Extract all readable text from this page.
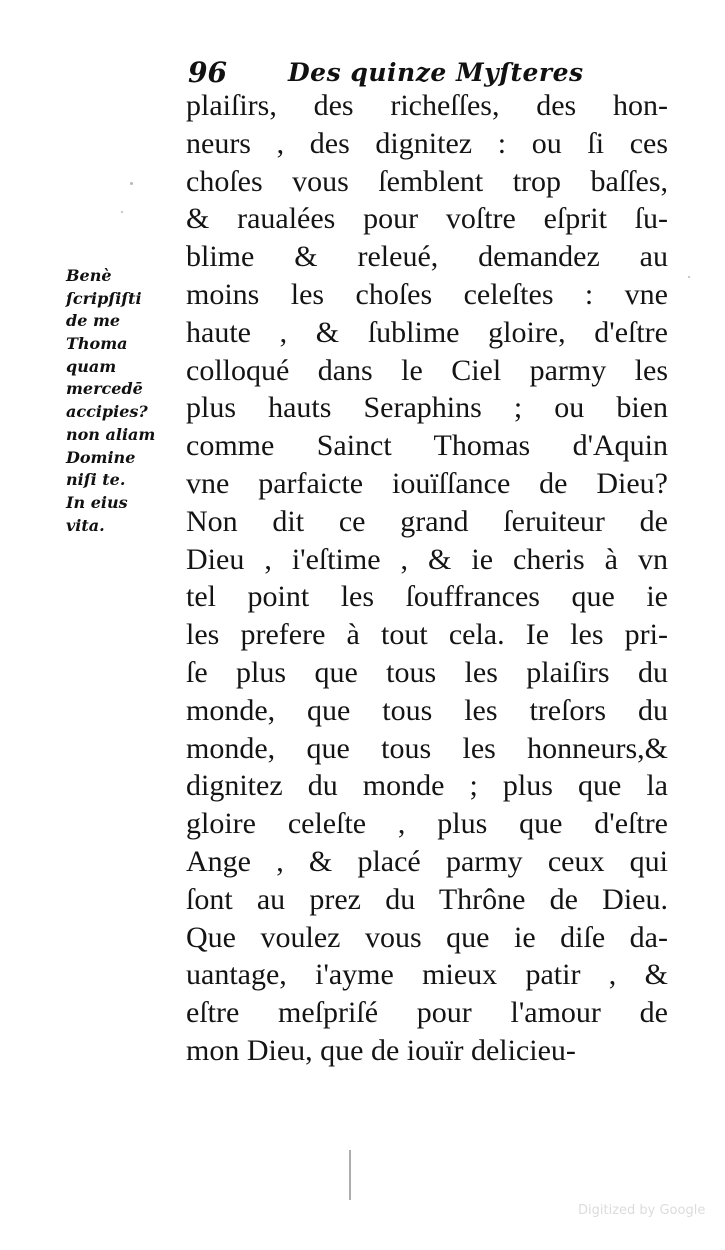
96 Des quinze Myſteres
Benè
ſcripſiſti
de me
Thoma
quam
mercedē
accipies?
non aliam
Domine
niſi te.
In eius
vita.
plaiſirs, des richeſſes, des hon-
neurs , des dignitez : ou ſi ces
choſes vous ſemblent trop baſſes,
& raualées pour voſtre eſprit ſu-
blime & releué, demandez au
moins les choſes celeſtes : vne
haute , & ſublime gloire, d'eſtre
colloqué dans le Ciel parmy les
plus hauts Seraphins ; ou bien
comme Sainct Thomas d'Aquin
vne parfaicte iouïſſance de Dieu?
Non dit ce grand ſeruiteur de
Dieu , i'eſtime , & ie cheris à vn
tel point les ſouffrances que ie
les prefere à tout cela. Ie les pri-
ſe plus que tous les plaiſirs du
monde, que tous les treſors du
monde, que tous les honneurs,&
dignitez du monde ; plus que la
gloire celeſte , plus que d'eſtre
Ange , & placé parmy ceux qui
ſont au prez du Thrône de Dieu.
Que voulez vous que ie diſe da-
uantage, i'ayme mieux patir , &
eſtre meſpriſé pour l'amour de
mon Dieu, que de iouïr delicieu-
Digitized by Google
